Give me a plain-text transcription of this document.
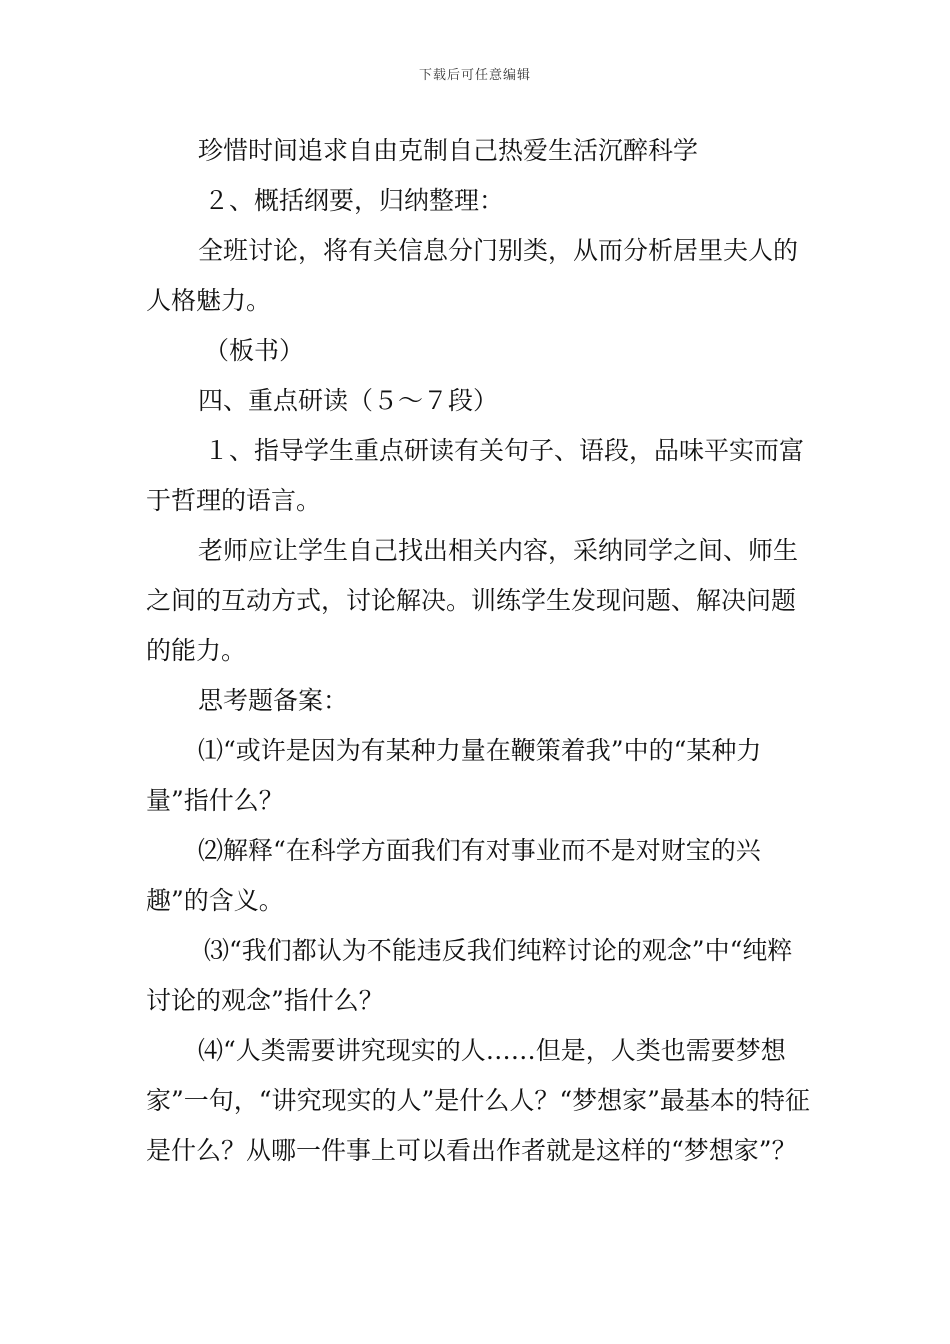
下载后可任意编辑

珍惜时间追求自由克制自己热爱生活沉醉科学

２、概括纲要，归纳整理：

全班讨论，将有关信息分门别类，从而分析居里夫人的人格魅力。

（板书）

四、重点研读（５～７段）

１、指导学生重点研读有关句子、语段，品味平实而富于哲理的语言。

老师应让学生自己找出相关内容，采纳同学之间、师生之间的互动方式，讨论解决。训练学生发现问题、解决问题的能力。

思考题备案：

⑴“或许是因为有某种力量在鞭策着我”中的“某种力量”指什么？

⑵解释“在科学方面我们有对事业而不是对财宝的兴趣”的含义。

⑶“我们都认为不能违反我们纯粹讨论的观念”中“纯粹讨论的观念”指什么？

⑷“人类需要讲究现实的人……但是，人类也需要梦想家”一句，“讲究现实的人”是什么人？“梦想家”最基本的特征是什么？从哪一件事上可以看出作者就是这样的“梦想家”？
